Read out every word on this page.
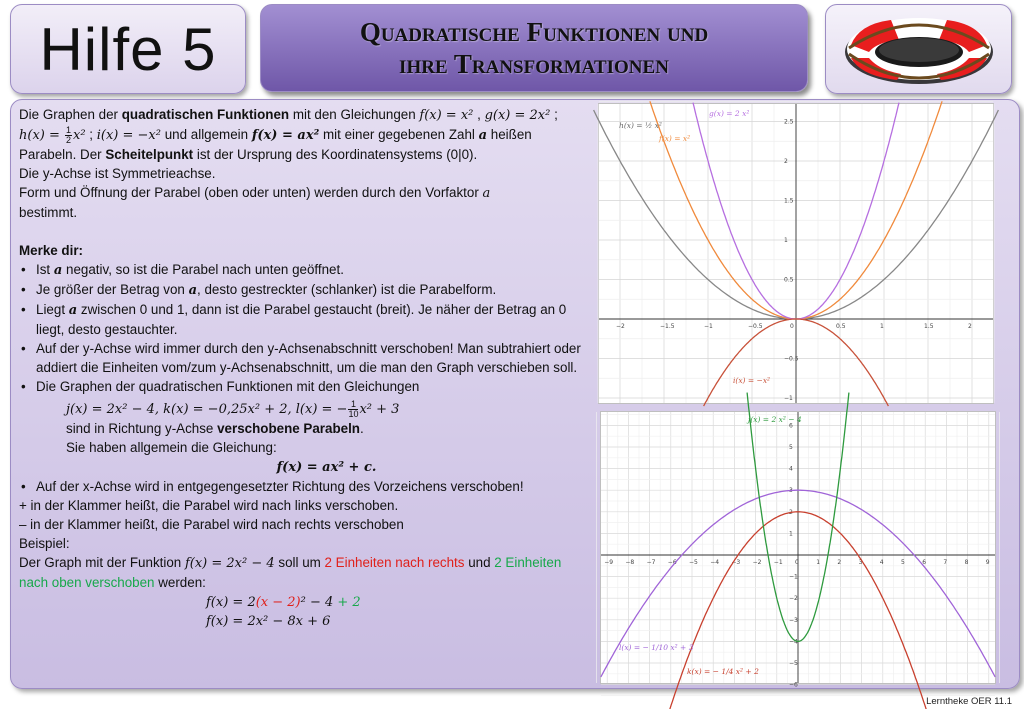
Hilfe 5	Quadratische Funktionen und
ihre Transformationen

Die Graphen der quadratischen Funktionen mit den Gleichungen f(x) = x² , g(x) = 2x² ; $h(x) = \frac{1}{2} x^2$ ; i(x) = −x² und allgemein f(x) = ax² mit einer gegebenen Zahl a heißen Parabeln. Der Scheitelpunkt ist der Ursprung des Koordinatensystems (0|0).

Die y-Achse ist Symmetrieachse.

Form und Öffnung der Parabel (oben oder unten) werden durch den Vorfaktor a
bestimmt.

Merke dir:

• Ist a negativ, so ist die Parabel nach unten geöffnet.
• Je größer der Betrag von a, desto gestreckter (schlanker) ist die Parabelform.
• Liegt a zwischen 0 und 1, dann ist die Parabel gestaucht (breit). Je näher der Betrag an 0 liegt, desto gestauchter.
• Auf der y-Achse wird immer durch den y-Achsenabschnitt verschoben! Man subtrahiert oder addiert die Einheiten vom/zum y-Achsenabschnitt, um die man den Graph verschieben soll.
• Die Graphen der quadratischen Funktionen mit den Gleichungen
j(x) = 2x² − 4, k(x) = −0,25x² + 2, l(x) = − $\frac{1}{10} x^2 + 3$
sind in Richtung y-Achse verschobene Parabeln.
Sie haben allgemein die Gleichung:
f(x) = ax² + c.
• Auf der x-Achse wird in entgegengesetzter Richtung des Vorzeichens verschoben!

+ in der Klammer heißt, die Parabel wird nach links verschoben.

– in der Klammer heißt, die Parabel wird nach rechts verschoben

Beispiel:

Der Graph mit der Funktion f(x) = 2x² − 4 soll um 2 Einheiten nach rechts und 2 Einheiten nach oben verschoben werden:

f(x) = 2(x − 2)² − 4 + 2

f(x) = 2x² − 8x + 6

−2	−1.5	−1	−0.5	0	0.5	1	1.5	2
2.5
2
1.5
1
0.5
−0.5
−1
g(x) = 2 x²
h(x) = ½ x²
f(x) = x²
i(x) = −x²
−9 −8 −7 −6 −5 −4 −3 −2 −1 0	1	2	3	4	5	6	7	8	9
6
5
4
3
2
1
−1
−2
−3
−4
−5
−6
j(x) = 2 x² − 4
l(x) = − 1/10 x² + 3
k(x) = − 1/4 x² + 2
Lerntheke OER 11.1
